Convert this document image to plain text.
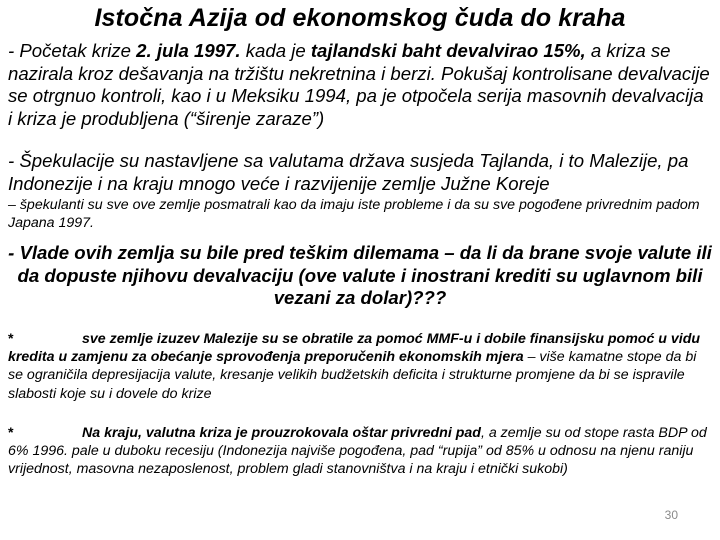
Istočna Azija od ekonomskog čuda do kraha
- Početak krize 2. jula 1997. kada je tajlandski baht devalvirao 15%, a kriza se nazirala kroz dešavanja na tržištu nekretnina i berzi. Pokušaj kontrolisane devalvacije se otrgnuo kontroli, kao i u Meksiku 1994, pa je otpočela serija masovnih devalvacija i kriza je produbljena (“širenje zaraze”)
- Špekulacije su nastavljene sa valutama država susjeda Tajlanda, i to Malezije, pa Indonezije i na kraju mnogo veće i razvijenije zemlje Južne Koreje
– špekulanti su sve ove zemlje posmatrali kao da imaju iste probleme i da su sve pogođene privrednim padom Japana 1997.
- Vlade ovih zemlja su bile pred teškim dilemama – da li da brane svoje valute ili da dopuste njihovu devalvaciju (ove valute i inostrani krediti su uglavnom bili vezani za dolar)???
*	sve zemlje izuzev Malezije su se obratile za pomoć MMF-u i dobile finansijsku pomoć u vidu kredita u zamjenu za obećanje sprovođenja preporučenih ekonomskih mjera – više kamatne stope da bi se ograničila depresijacija valute, kresanje velikih budžetskih deficita i strukturne promjene da bi se ispravile slabosti koje su i dovele do krize
*	Na kraju, valutna kriza je prouzrokovala oštar privredni pad, a zemlje su od stope rasta BDP od 6% 1996. pale u duboku recesiju (Indonezija najviše pogođena, pad “rupija” od 85% u odnosu na njenu raniju vrijednost, masovna nezaposlenost, problem gladi stanovništva i na kraju i etnički sukobi)
30
